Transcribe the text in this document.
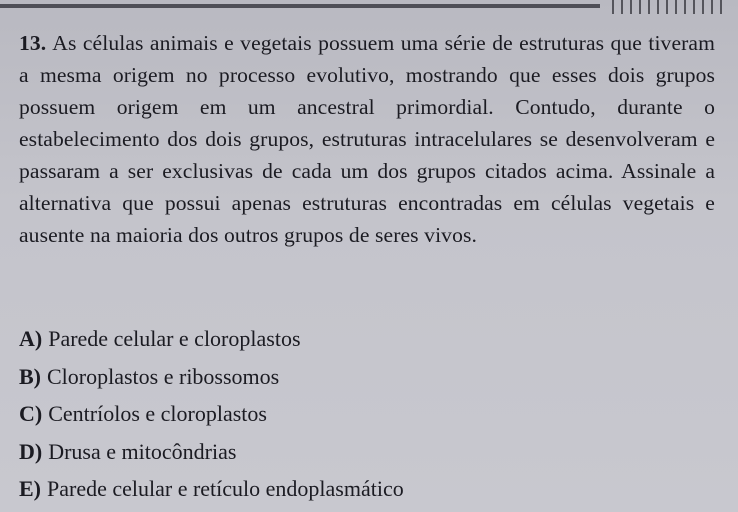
13. As células animais e vegetais possuem uma série de estruturas que tiveram a mesma origem no processo evolutivo, mostrando que esses dois grupos possuem origem em um ancestral primordial. Contudo, durante o estabelecimento dos dois grupos, estruturas intracelulares se desenvolveram e passaram a ser exclusivas de cada um dos grupos citados acima. Assinale a alternativa que possui apenas estruturas encontradas em células vegetais e ausente na maioria dos outros grupos de seres vivos.
A) Parede celular e cloroplastos
B) Cloroplastos e ribossomos
C) Centríolos e cloroplastos
D) Drusa e mitocôndrias
E) Parede celular e retículo endoplasmático
